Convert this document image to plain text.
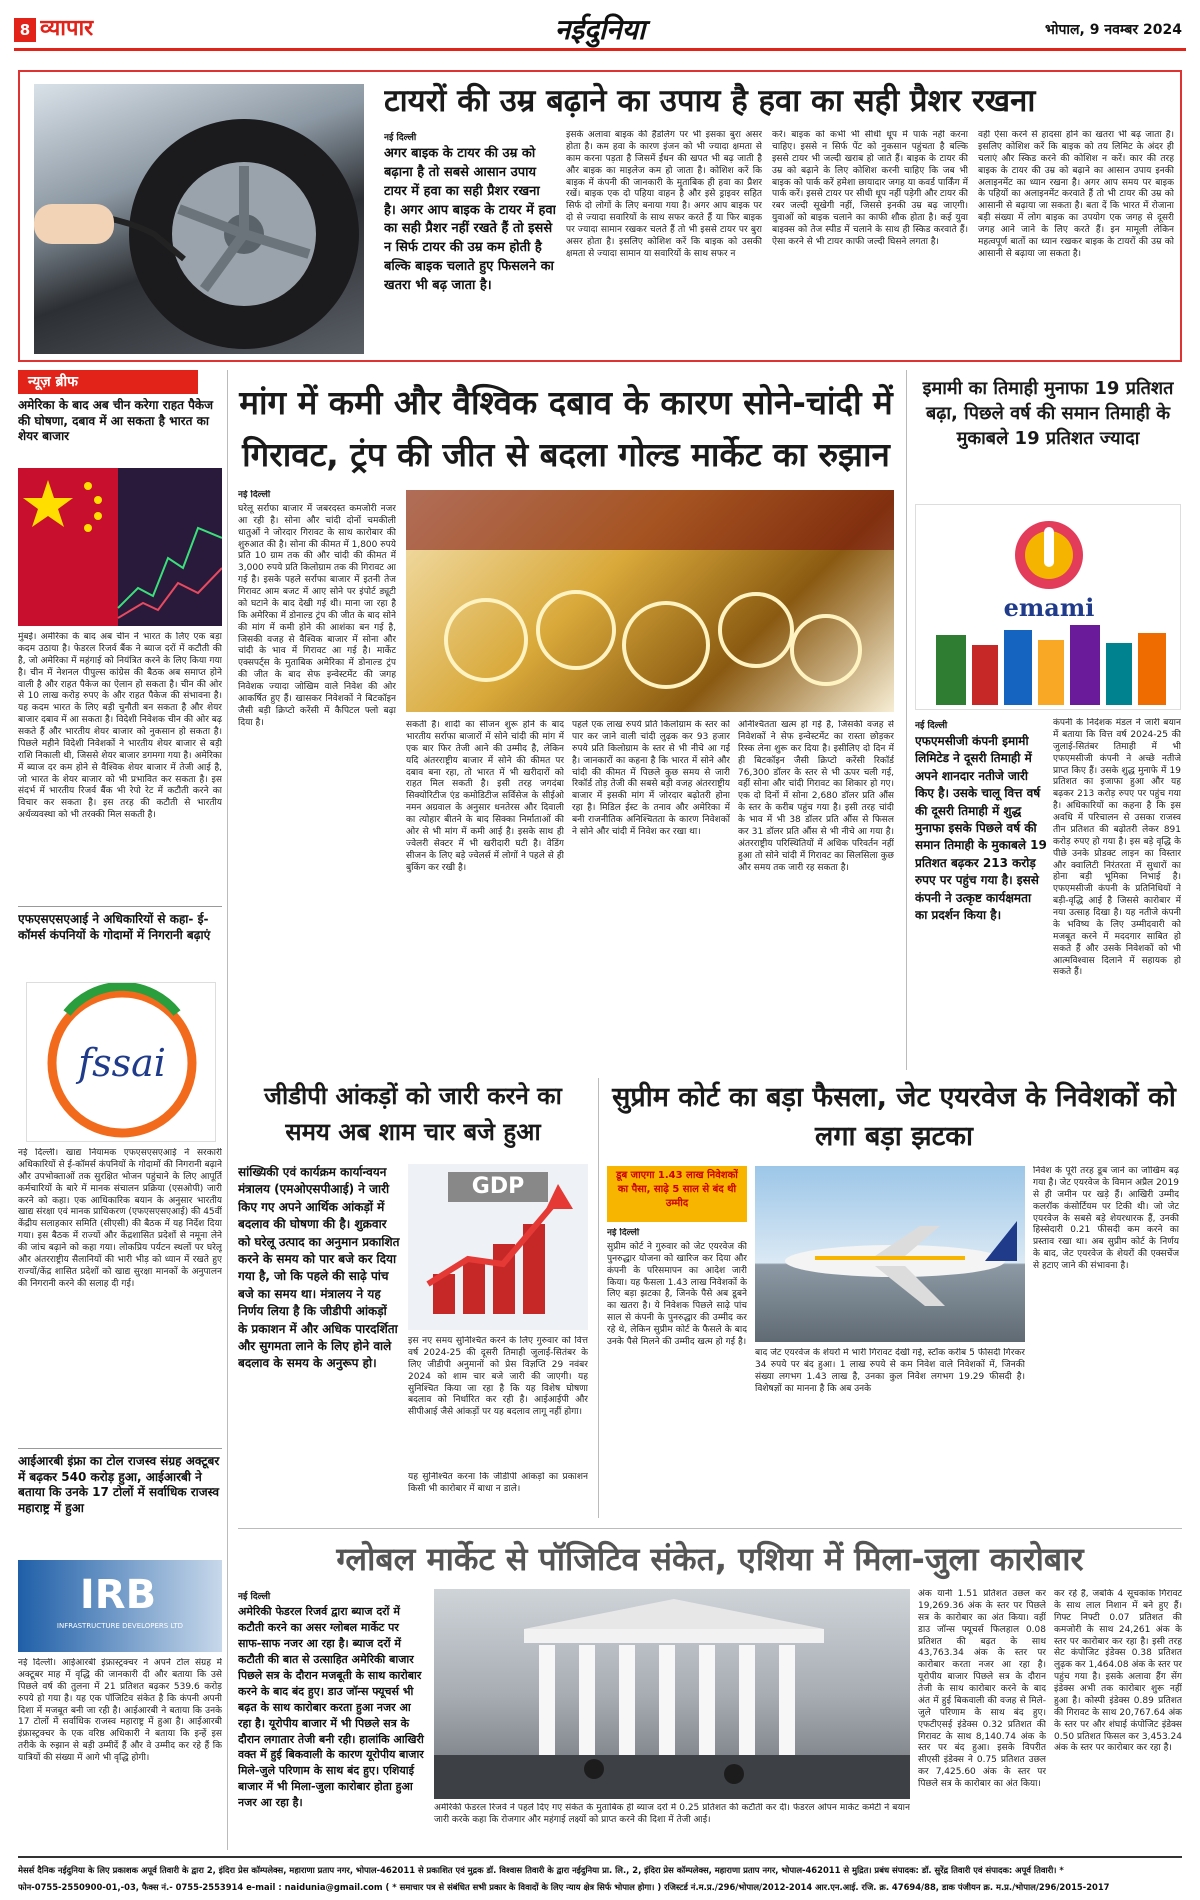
8 व्यापार	नईदुनिया	भोपाल, 9 नवम्बर 2024
टायरों की उम्र बढ़ाने का उपाय है हवा का सही प्रैशर रखना
नई दिल्ली
अगर बाइक के टायर की उम्र को बढ़ाना है तो सबसे आसान उपाय टायर में हवा का सही प्रैशर रखना है। अगर आप बाइक के टायर में हवा का सही प्रैशर नहीं रखते हैं तो इससे न सिर्फ टायर की उम्र कम होती है बल्कि बाइक चलाते हुए फिसलने का खतरा भी बढ़ जाता है।
इसके अलावा बाइक की हैंडलिंग पर भी इसका बुरा असर होता है। कम हवा के कारण इंजन को भी ज्यादा क्षमता से काम करना पड़ता है जिसमें ईंधन की खपत भी बढ़ जाती है और बाइक का माइलेज कम हो जाता है। कोशिश करें कि बाइक में कंपनी की जानकारी के मुताबिक ही हवा का प्रैशर रखें। बाइक एक दो पहिया वाहन है और इसे ड्राइवर सहित सिर्फ दो लोगों के लिए बनाया गया है। अगर आप बाइक पर दो से ज्यादा सवारियों के साथ सफर करते हैं या फिर बाइक पर ज्यादा सामान रखकर चलते हैं तो भी इससे टायर पर बुरा असर होता है। इसलिए कोशिश करें कि बाइक को उसकी क्षमता से ज्यादा सामान या सवारियों के साथ सफर न
करें। बाइक को कभी भी सीधी धूप में पार्क नहीं करना चाहिए। इससे न सिर्फ पेंट को नुकसान पहुंचता है बल्कि इससे टायर भी जल्दी खराब हो जाते हैं। बाइक के टायर की उम्र को बढ़ाने के लिए कोशिश करनी चाहिए कि जब भी बाइक को पार्क करें हमेशा छायादार जगह या कवर्ड पार्किंग में पार्क करें। इससे टायर पर सीधी धूप नहीं पड़ेगी और टायर की रबर जल्दी सूखेगी नहीं, जिससे इनकी उम्र बढ़ जाएगी। युवाओं को बाइक चलाने का काफी शौक होता है। कई युवा बाइक्स को तेज स्पीड में चलाने के साथ ही स्किड करवाते हैं। ऐसा करने से भी टायर काफी जल्दी घिसने लगता है।
वहीं ऐसा करने से हादसा होने का खतरा भी बढ़ जाता है। इसलिए कोशिश करें कि बाइक को तय लिमिट के अंदर ही चलाएं और स्किड करने की कोशिश न करें। कार की तरह बाइक के टायर की उम्र को बढ़ाने का आसान उपाय इनकी अलाइनमेंट का ध्यान रखना है। अगर आप समय पर बाइक के पहियों का अलाइनमेंट करवाते हैं तो भी टायर की उम्र को आसानी से बढ़ाया जा सकता है। बता दें कि भारत में रोजाना बड़ी संख्या में लोग बाइक का उपयोग एक जगह से दूसरी जगह आने जाने के लिए करते हैं। इन मामूली लेकिन महत्वपूर्ण बातों का ध्यान रखकर बाइक के टायरों की उम्र को आसानी से बढ़ाया जा सकता है।
न्यूज़ ब्रीफ
अमेरिका के बाद अब चीन करेगा राहत पैकेज की घोषणा, दबाव में आ सकता है भारत का शेयर बाजार
मुंबई। अमेरिका के बाद अब चीन ने भारत के लिए एक बड़ा कदम उठाया है। फेडरल रिजर्व बैंक ने ब्याज दरों में कटौती की है, जो अमेरिका में महंगाई को नियंत्रित करने के लिए किया गया है। चीन में नेशनल पीपुल्स कांग्रेस की बैठक अब समाप्त होने वाली है और राहत पैकेज का ऐलान हो सकता है। चीन की ओर से 10 लाख करोड़ रुपए के और राहत पैकेज की संभावना है। यह कदम भारत के लिए बड़ी चुनौती बन सकता है और शेयर बाजार दबाव में आ सकता है। विदेशी निवेशक चीन की ओर बढ़ सकते हैं और भारतीय शेयर बाजार को नुकसान हो सकता है। पिछले महीने विदेशी निवेशकों ने भारतीय शेयर बाजार से बड़ी राशि निकाली थी, जिससे शेयर बाजार डगमगा गया है। अमेरिका में ब्याज दर कम होने से वैश्विक शेयर बाजार में तेजी आई है, जो भारत के शेयर बाजार को भी प्रभावित कर सकता है। इस संदर्भ में भारतीय रिजर्व बैंक भी रेपो रेट में कटौती करने का विचार कर सकता है। इस तरह की कटौती से भारतीय अर्थव्यवस्था को भी तरक्की मिल सकती है।
एफएसएसएआई ने अधिकारियों से कहा- ई-कॉमर्स कंपनियों के गोदामों में निगरानी बढ़ाएं
fssai
नई दिल्ली। खाद्य नियामक एफएसएसएआई ने सरकारी अधिकारियों से ई-कॉमर्स कंपनियों के गोदामों की निगरानी बढ़ाने और उपभोक्ताओं तक सुरक्षित भोजन पहुंचाने के लिए आपूर्ति कर्मचारियों के बारे में मानक संचालन प्रक्रिया (एसओपी) जारी करने को कहा। एक आधिकारिक बयान के अनुसार भारतीय खाद्य संरक्षा एवं मानक प्राधिकरण (एफएसएसएआई) की 45वीं केंद्रीय सलाहकार समिति (सीएसी) की बैठक में यह निर्देश दिया गया। इस बैठक में राज्यों और केंद्रशासित प्रदेशों से नमूना लेने की जांच बढ़ाने को कहा गया। लोकप्रिय पर्यटन स्थलों पर घरेलू और अंतरराष्ट्रीय सैलानियों की भारी भीड़ को ध्यान में रखते हुए राज्यों/केंद्र शासित प्रदेशों को खाद्य सुरक्षा मानकों के अनुपालन की निगरानी करने की सलाह दी गई।
आईआरबी इंफ्रा का टोल राजस्व संग्रह अक्टूबर में बढ़कर 540 करोड़ हुआ, आईआरबी ने बताया कि उनके 17 टोलों में सर्वाधिक राजस्व महाराष्ट्र में हुआ
IRB
INFRASTRUCTURE DEVELOPERS LTD
नई दिल्ली। आईआरबी इंफ्रास्ट्रक्चर ने अपने टोल संग्रह में अक्टूबर माह में वृद्धि की जानकारी दी और बताया कि उसे पिछले वर्ष की तुलना में 21 प्रतिशत बढ़कर 539.6 करोड़ रुपये हो गया है। यह एक पॉजिटिव संकेत है कि कंपनी अपनी दिशा में मजबूत बनी जा रही है। आईआरबी ने बताया कि उनके 17 टोलों में सर्वाधिक राजस्व महाराष्ट्र में हुआ है। आईआरबी इंफ्रास्ट्रक्चर के एक वरिष्ठ अधिकारी ने बताया कि इन्हें इस तरीके के रुझान से बड़ी उम्मीदें हैं और वे उम्मीद कर रहे हैं कि यात्रियों की संख्या में आगे भी वृद्धि होगी।
मांग में कमी और वैश्विक दबाव के कारण सोने-चांदी में
गिरावट, ट्रंप की जीत से बदला गोल्ड मार्केट का रुझान
नई दिल्ली
घरेलू सर्राफा बाजार में जबरदस्त कमजोरी नजर आ रही है। सोना और चांदी दोनों चमकीली धातुओं ने जोरदार गिरावट के साथ कारोबार की शुरुआत की है। सोना की कीमत में 1,800 रुपये प्रति 10 ग्राम तक की और चांदी की कीमत में 3,000 रुपये प्रति किलोग्राम तक की गिरावट आ गई है। इसके पहले सर्राफा बाजार में इतनी तेज गिरावट आम बजट में आए सोने पर इंपोर्ट ड्यूटी को घटाने के बाद देखी गई थी। माना जा रहा है कि अमेरिका में डोनाल्ड ट्रंप की जीत के बाद सोने की मांग में कमी होने की आशंका बन गई है, जिसकी वजह से वैश्विक बाजार में सोना और चांदी के भाव में गिरावट आ गई है। मार्केट एक्सपर्ट्स के मुताबिक अमेरिका में डोनाल्ड ट्रंप की जीत के बाद सेफ इन्वेस्टमेंट की जगह निवेशक ज्यादा जोखिम वाले निवेश की ओर आकर्षित हुए हैं। खासकर निवेशकों ने बिटकॉइन जैसी बड़ी क्रिप्टो करेंसी में कैपिटल फ्लो बढ़ा दिया है।	सकती है। शादी का सीजन शुरू होने के बाद भारतीय सर्राफा बाजारों में सोने चांदी की मांग में एक बार फिर तेजी आने की उम्मीद है, लेकिन यदि अंतरराष्ट्रीय बाजार में सोने की कीमत पर दबाव बना रहा, तो भारत में भी खरीदारों को राहत मिल सकती है। इसी तरह जगदंबा सिक्योरिटीज एंड कमोडिटीज सर्विसेज के सीईओ नमन अग्रवाल के अनुसार धनतेरस और दिवाली का त्योहार बीतने के बाद सिक्का निर्माताओं की ओर से भी मांग में कमी आई है। इसके साथ ही ज्वेलरी सेक्टर में भी खरीदारी घटी है। वेडिंग सीजन के लिए बड़े ज्वेलर्स में लोगों ने पहले से ही बुकिंग कर रखी है।
पहले एक लाख रुपये प्रति किलोग्राम के स्तर को पार कर जाने वाली चांदी लुढ़क कर 93 हजार रुपये प्रति किलोग्राम के स्तर से भी नीचे आ गई है। जानकारों का कहना है कि भारत में सोने और चांदी की कीमत में पिछले कुछ समय से जारी रिकॉर्ड तोड़ तेजी की सबसे बड़ी वजह अंतरराष्ट्रीय बाजार में इसकी मांग में जोरदार बढ़ोतरी होना रहा है। मिडिल ईस्ट के तनाव और अमेरिका में बनी राजनीतिक अनिश्चितता के कारण निवेशकों ने सोने और चांदी में निवेश कर रखा था।
अनिश्चितता खत्म हो गई है, जिसकी वजह से निवेशकों ने सेफ इन्वेस्टमेंट का रास्ता छोड़कर रिस्क लेना शुरू कर दिया है। इसीलिए दो दिन में ही बिटकॉइन जैसी क्रिप्टो करेंसी रिकॉर्ड 76,300 डॉलर के स्तर से भी ऊपर चली गई, वहीं सोना और चांदी गिरावट का शिकार हो गए। एक दो दिनों में सोना 2,680 डॉलर प्रति औंस के स्तर के करीब पहुंच गया है। इसी तरह चांदी के भाव में भी 38 डॉलर प्रति औंस से फिसल कर 31 डॉलर प्रति औंस से भी नीचे आ गया है। अंतरराष्ट्रीय परिस्थितियों में अधिक परिवर्तन नहीं हुआ तो सोने चांदी में गिरावट का सिलसिला कुछ और समय तक जारी रह सकता है।
इमामी का तिमाही मुनाफा 19 प्रतिशत बढ़ा, पिछले वर्ष की समान तिमाही के मुकाबले 19 प्रतिशत ज्यादा
emami
नई दिल्ली
एफएमसीजी कंपनी इमामी लिमिटेड ने दूसरी तिमाही में अपने शानदार नतीजे जारी किए है। उसके चालू वित्त वर्ष की दूसरी तिमाही में शुद्ध मुनाफा इसके पिछले वर्ष की समान तिमाही के मुकाबले 19 प्रतिशत बढ़कर 213 करोड़ रुपए पर पहुंच गया है। इससे कंपनी ने उत्कृष्ट कार्यक्षमता का प्रदर्शन किया है।
कंपनी के निदेशक मंडल ने जारी बयान में बताया कि वित्त वर्ष 2024-25 की जुलाई-सितंबर तिमाही में भी एफएमसीजी कंपनी ने अच्छे नतीजे प्राप्त किए हैं। उसके शुद्ध मुनाफे में 19 प्रतिशत का इजाफा हुआ और यह बढ़कर 213 करोड़ रुपए पर पहुंच गया है। अधिकारियों का कहना है कि इस अवधि में परिचालन से उसका राजस्व तीन प्रतिशत की बढ़ोतरी लेकर 891 करोड़ रुपए हो गया है। इस बड़े वृद्धि के पीछे उनके प्रोडक्ट लाइन का विस्तार और क्वालिटी निरंतरता में सुधारों का होना बड़ी भूमिका निभाई है। एफएमसीजी कंपनी के प्रतिनिधियों ने बड़ी-वृद्धि आई है जिससे कारोबार में नया उत्साह दिखा है। यह नतीजे कंपनी के भविष्य के लिए उम्मीदवारी को मजबूत करने में मददगार साबित हो सकते हैं और उसके निवेशकों को भी आत्मविश्वास दिलाने में सहायक हो सकते हैं।
जीडीपी आंकड़ों को जारी करने का समय अब शाम चार बजे हुआ
सांख्यिकी एवं कार्यक्रम कार्यान्वयन मंत्रालय (एमओएसपीआई) ने जारी किए गए अपने आर्थिक आंकड़ों में बदलाव की घोषणा की है। शुक्रवार को घरेलू उत्पाद का अनुमान प्रकाशित करने के समय को पार बजे कर दिया गया है, जो कि पहले की साढ़े पांच बजे का समय था। मंत्रालय ने यह निर्णय लिया है कि जीडीपी आंकड़ों के प्रकाशन में और अधिक पारदर्शिता और सुगमता लाने के लिए होने वाले बदलाव के समय के अनुरूप हो।
GDP
इस नए समय सुनिश्चित करने के लिए गुरुवार को वित्त वर्ष 2024-25 की दूसरी तिमाही जुलाई-सितंबर के लिए जीडीपी अनुमानों को प्रेस विज्ञप्ति 29 नवंबर 2024 को शाम चार बजे जारी की जाएगी। यह सुनिश्चित किया जा रहा है कि यह विशेष घोषणा बदलाव को निर्धारित कर रही है। आईआईपी और सीपीआई जैसे आंकड़ों पर यह बदलाव लागू नहीं होगा।
यह सुनिश्चित करना कि जीडीपी आंकड़ों का प्रकाशन किसी भी कारोबार में बाधा न डाले।
सुप्रीम कोर्ट का बड़ा फैसला, जेट एयरवेज के निवेशकों को लगा बड़ा झटका
डूब जाएगा 1.43 लाख निवेशकों का पैसा, साढ़े 5 साल से बंद थी उम्मीद
नई दिल्ली
सुप्रीम कोर्ट ने गुरुवार को जेट एयरवेज की पुनरुद्धार योजना को खारिज कर दिया और कंपनी के परिसमापन का आदेश जारी किया। यह फैसला 1.43 लाख निवेशकों के लिए बड़ा झटका है, जिनके पैसे अब डूबने का खतरा है। ये निवेशक पिछले साढ़े पांच साल से कंपनी के पुनरुद्धार की उम्मीद कर रहे थे, लेकिन सुप्रीम कोर्ट के फैसले के बाद उनके पैसे मिलने की उम्मीद खत्म हो गई है।
बाद जेट एयरवेज के शेयरों में भारी गिरावट देखी गई, स्टॉक करीब 5 फीसदी गिरकर 34 रुपये पर बंद हुआ। 1 लाख रुपये से कम निवेश वाले निवेशकों में, जिनकी संख्या लगभग 1.43 लाख है, उनका कुल निवेश लगभग 19.29 फीसदी है। विशेषज्ञों का मानना है कि अब उनके
निवेश के पूरी तरह डूब जाने का जोखिम बढ़ गया है। जेट एयरवेज के विमान अप्रैल 2019 से ही जमीन पर खड़े हैं। आखिरी उम्मीद कलरॉक कंसोर्टियम पर टिकी थी। जो जेट एयरवेज के सबसे बड़े शेयरधारक हैं, उनकी हिस्सेदारी 0.21 फीसदी कम करने का प्रस्ताव रखा था। अब सुप्रीम कोर्ट के निर्णय के बाद, जेट एयरवेज के शेयरों की एक्सचेंज से हटाए जाने की संभावना है।
ग्लोबल मार्केट से पॉजिटिव संकेत, एशिया में मिला-जुला कारोबार
नई दिल्ली
अमेरिकी फेडरल रिजर्व द्वारा ब्याज दरों में कटौती करने का असर ग्लोबल मार्केट पर साफ-साफ नजर आ रहा है। ब्याज दरों में कटौती की बात से उत्साहित अमेरिकी बाजार पिछले सत्र के दौरान मजबूती के साथ कारोबार करने के बाद बंद हुए। डाउ जॉन्स फ्यूचर्स भी बढ़त के साथ कारोबार करता हुआ नजर आ रहा है। यूरोपीय बाजार में भी पिछले सत्र के दौरान लगातार तेजी बनी रही। हालांकि आखिरी वक्त में हुई बिकवाली के कारण यूरोपीय बाजार मिले-जुले परिणाम के साथ बंद हुए। एशियाई बाजार में भी मिला-जुला कारोबार होता हुआ नजर आ रहा है।	अमेरिकी फेडरल रिजर्व ने पहले दिए गए संकेत के मुताबिक ही ब्याज दरों में 0.25 प्रतिशत की कटौती कर दी। फेडरल ओपन मार्केट कमेटी ने बयान जारी करके कहा कि रोजगार और महंगाई लक्ष्यों को प्राप्त करने की दिशा में तेजी आई।
अंक यानी 1.51 प्रतिशत उछल कर 19,269.36 अंक के स्तर पर पिछले सत्र के कारोबार का अंत किया। वहीं डाउ जॉन्स फ्यूचर्स फिलहाल 0.08 प्रतिशत की बढ़त के साथ 43,763.34 अंक के स्तर पर कारोबार करता नजर आ रहा है। यूरोपीय बाजार पिछले सत्र के दौरान तेजी के साथ कारोबार करने के बाद अंत में हुई बिकवाली की वजह से मिले-जुले परिणाम के साथ बंद हुए। एफटीएसई इंडेक्स 0.32 प्रतिशत की गिरावट के साथ 8,140.74 अंक के स्तर पर बंद हुआ। इसके विपरीत सीएसी इंडेक्स ने 0.75 प्रतिशत उछल कर 7,425.60 अंक के स्तर पर पिछले सत्र के कारोबार का अंत किया।
कर रहे हैं, जबकि 4 सूचकांक गिरावट के साथ लाल निशान में बने हुए हैं। गिफ्ट निफ्टी 0.07 प्रतिशत की कमजोरी के साथ 24,261 अंक के स्तर पर कारोबार कर रहा है। इसी तरह सेट कंपोजिट इंडेक्स 0.38 प्रतिशत लुढ़क कर 1,464.08 अंक के स्तर पर पहुंच गया है। इसके अलावा हैंग सेंग इंडेक्स अभी तक कारोबार शुरू नहीं हुआ है। कोस्पी इंडेक्स 0.89 प्रतिशत की गिरावट के साथ 20,767.64 अंक के स्तर पर और शंघाई कंपोजिट इंडेक्स 0.50 प्रतिशत फिसल कर 3,453.24 अंक के स्तर पर कारोबार कर रहा है।
मेसर्स दैनिक नईदुनिया के लिए प्रकाशक अपूर्व तिवारी के द्वारा 2, इंदिरा प्रेस कॉम्पलेक्स, महाराणा प्रताप नगर, भोपाल-462011 से प्रकाशित एवं मुद्रक डॉ. विश्वास तिवारी के द्वारा नईदुनिया प्रा. लि., 2, इंदिरा प्रेस कॉम्पलेक्स, महाराणा प्रताप नगर, भोपाल-462011 से मुद्रित। प्रबंध संपादक: डॉ. सुरेंद्र तिवारी एवं संपादक: अपूर्व तिवारी। *
फोन-0755-2550900-01,-03, फैक्स नं.- 0755-2553914 e-mail : naidunia@gmail.com ( * समाचार पत्र से संबंधित सभी प्रकार के विवादों के लिए न्याय क्षेत्र सिर्फ भोपाल होगा। ) रजिस्टर्ड नं.म.प्र./296/भोपाल/2012-2014 आर.एन.आई. रजि. क्र. 47694/88, डाक पंजीयन क्र. म.प्र./भोपाल/296/2015-2017
